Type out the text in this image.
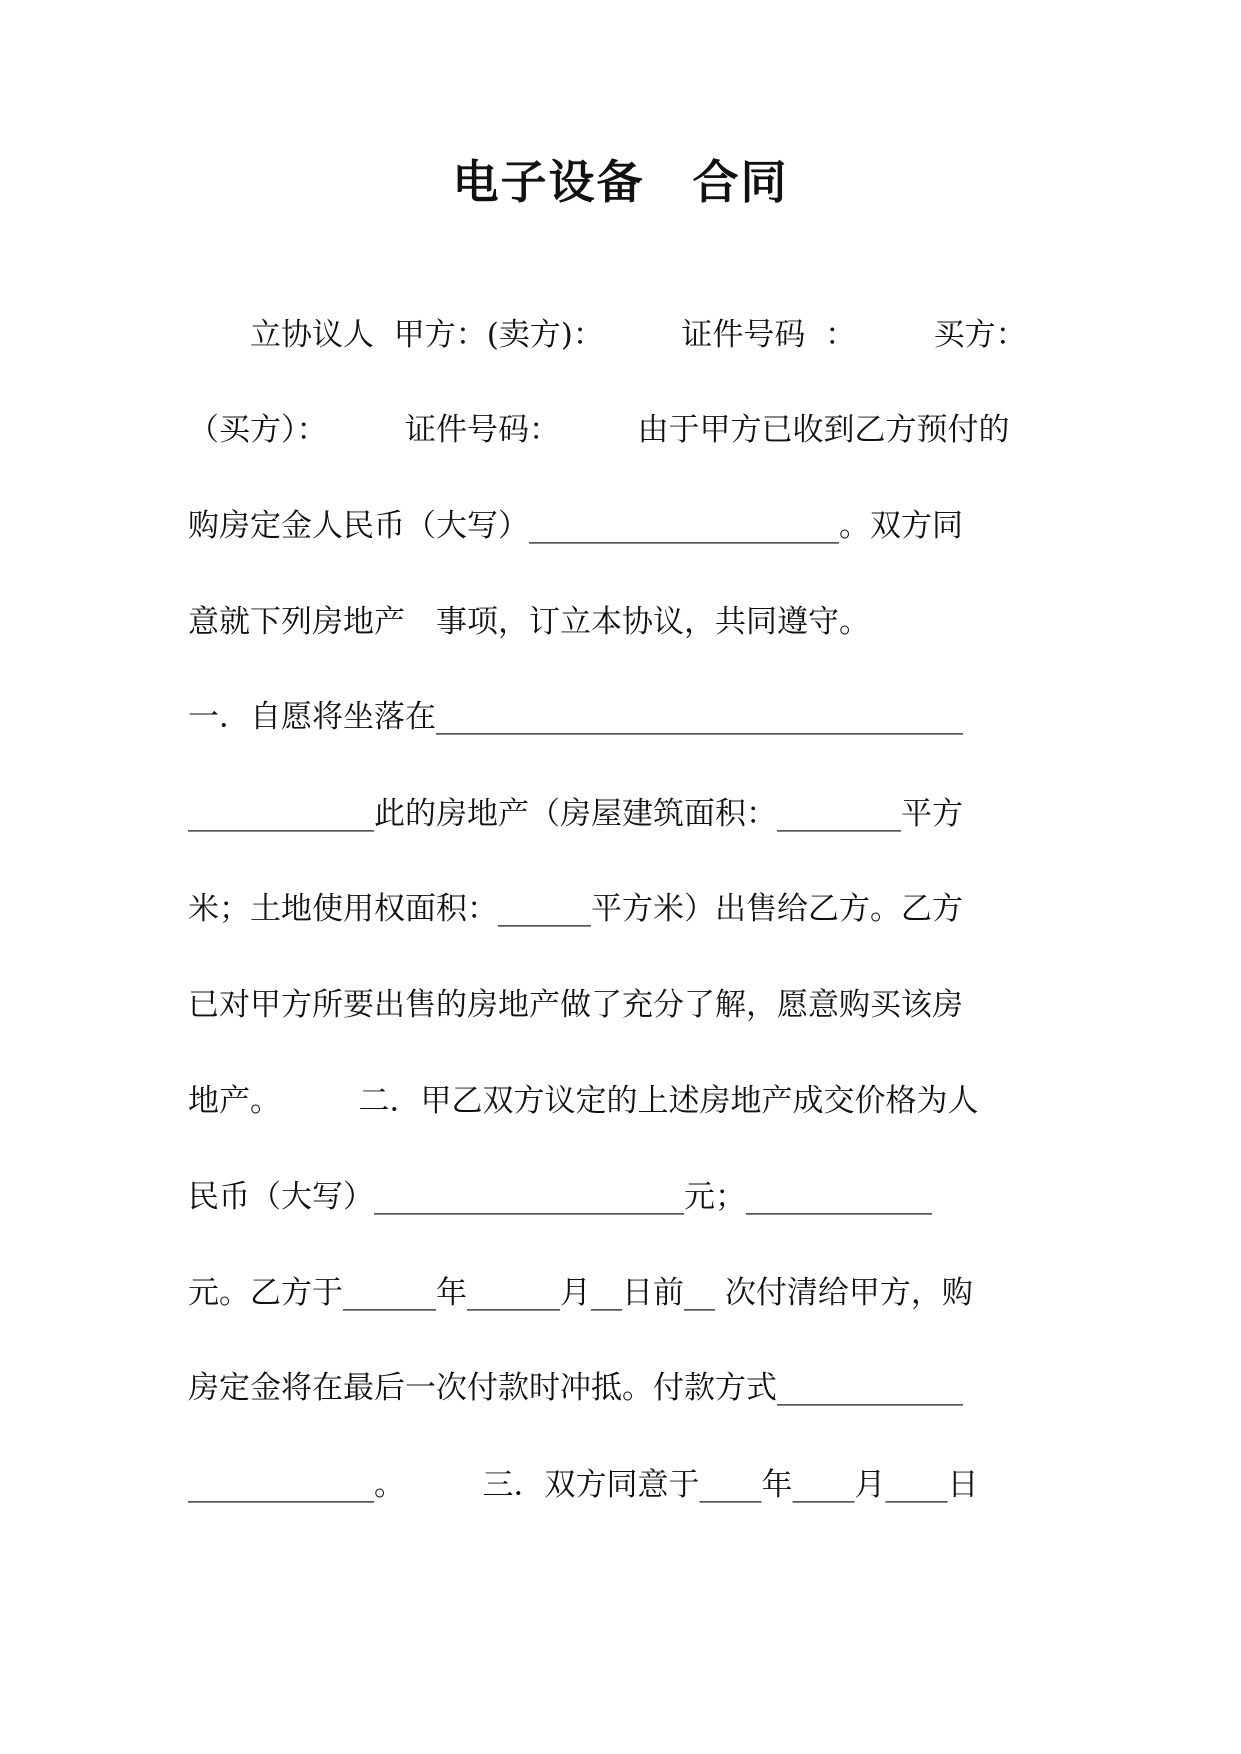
电子设备　合同
　　立协议人  甲方：(卖方)：　　　证件号码  ：　　　买方：
（买方）：　　　证件号码：　　　由于甲方已收到乙方预付的
购房定金人民币（大写）____________________。双方同
意就下列房地产　事项，订立本协议，共同遵守。
一．自愿将坐落在__________________________________
____________此的房地产（房屋建筑面积：________平方
米；土地使用权面积：______平方米）出售给乙方。乙方
已对甲方所要出售的房地产做了充分了解，愿意购买该房
地产。　　　二．甲乙双方议定的上述房地产成交价格为人
民币（大写）____________________元；____________
元。乙方于______年______月__日前__ 次付清给甲方，购
房定金将在最后一次付款时冲抵。付款方式____________
____________。　　　三．双方同意于____年____月____日
